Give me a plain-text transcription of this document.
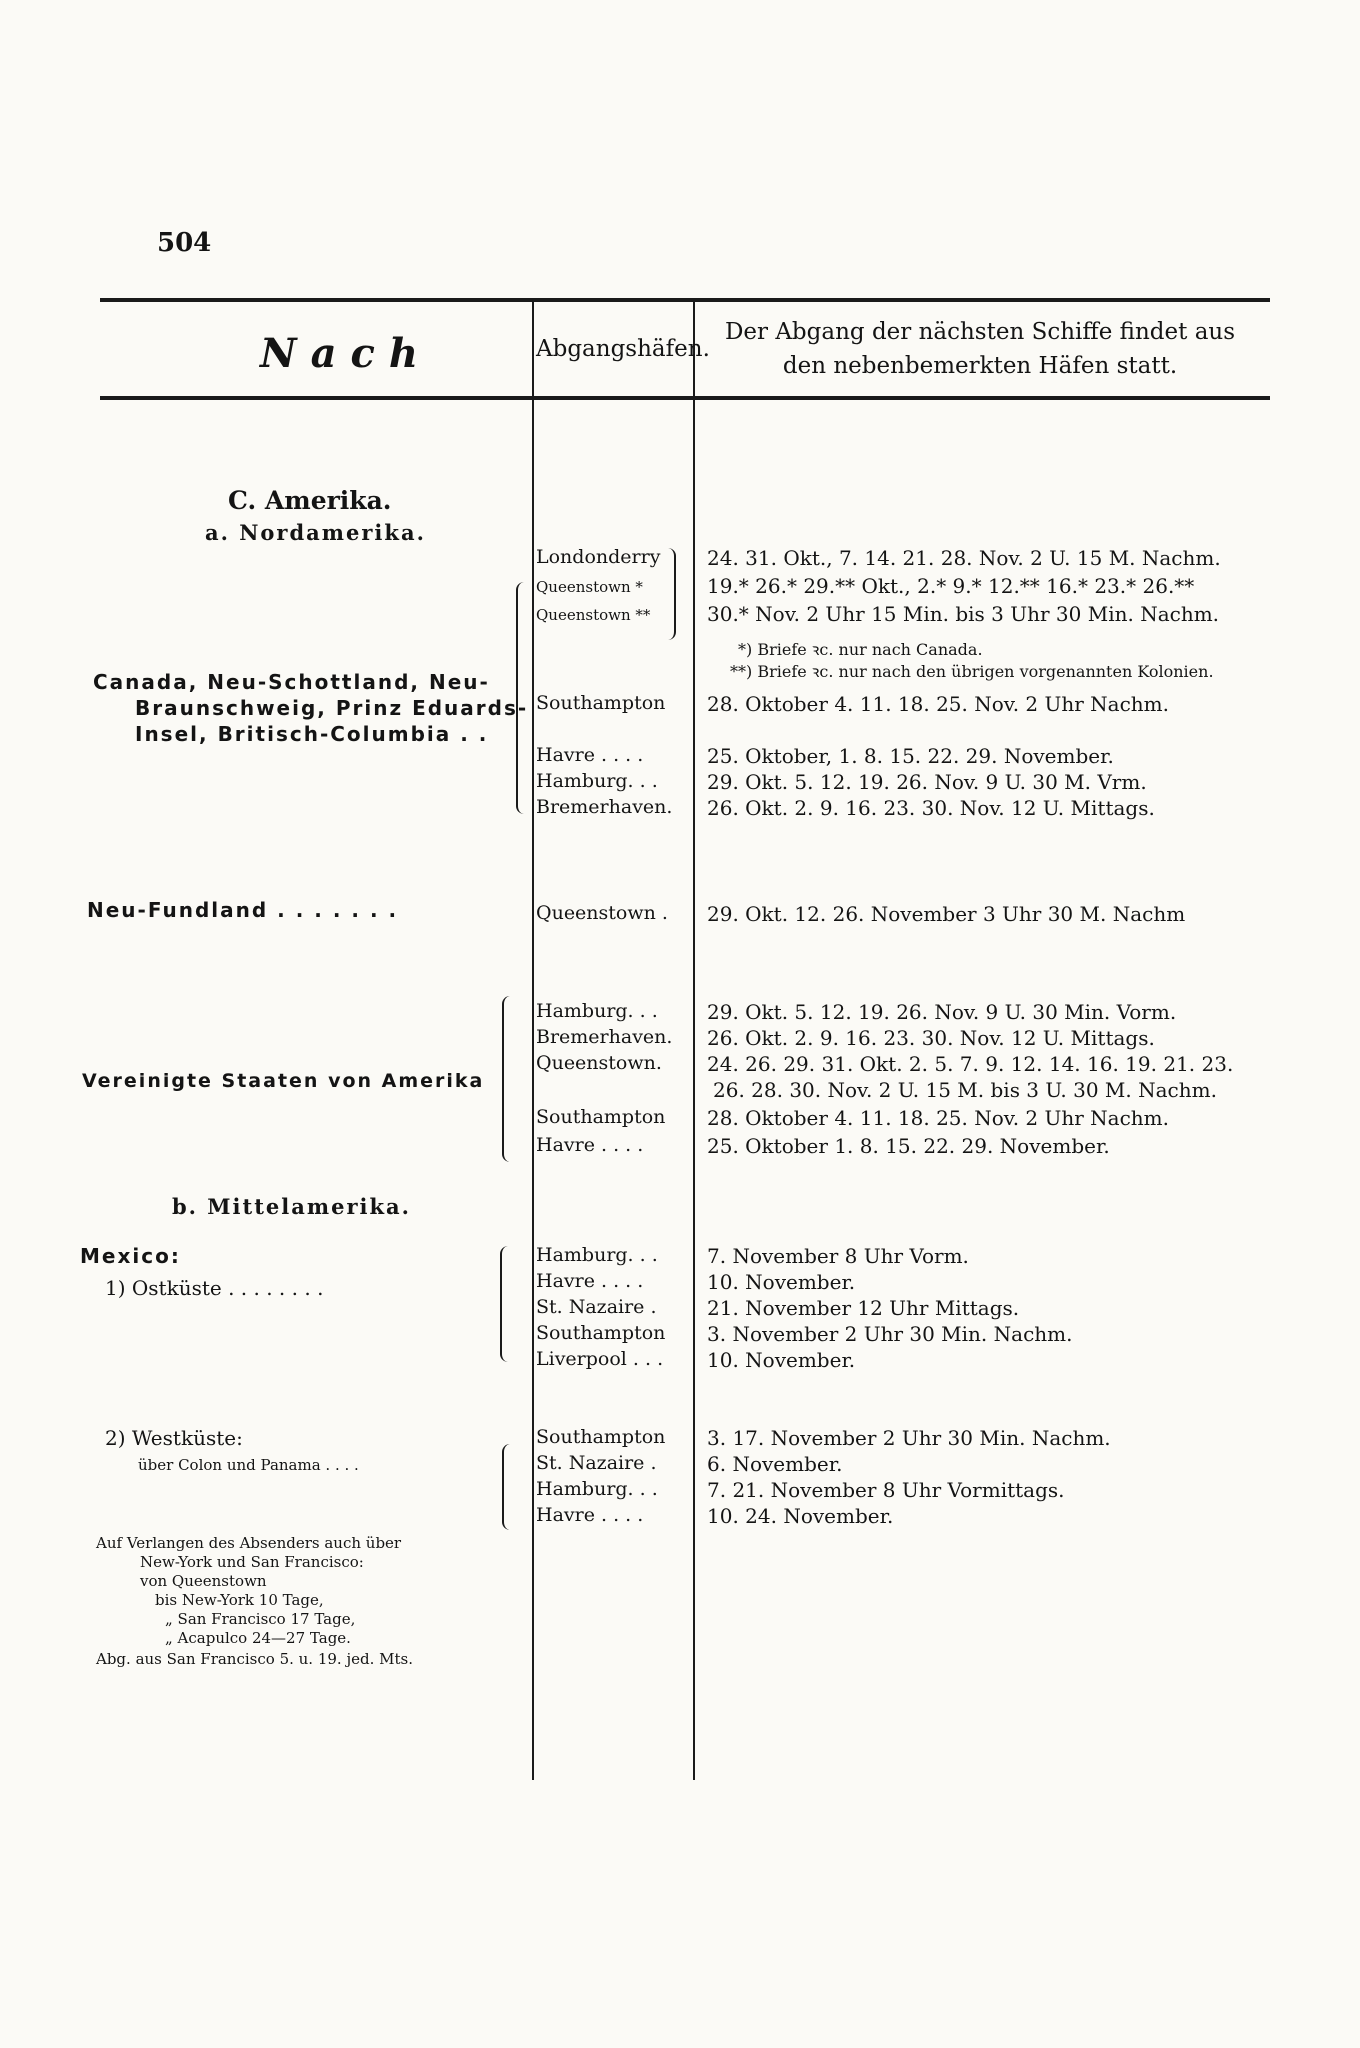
504
Nach	Abgangshäfen.
Der Abgang der nächsten Schiffe findet aus den nebenbemerkten Häfen statt.
C. Amerika.
a. Nordamerika.
Canada, Neu-Schottland, Neu-
Braunschweig, Prinz Eduards-
Insel, Britisch-Columbia . .
Londonderry 24. 31. Okt., 7. 14. 21. 28. Nov. 2 U. 15 M. Nachm.
Queenstown *	19.* 26.* 29.** Okt., 2.* 9.* 12.** 16.* 23.* 26.**
Queenstown **	30.* Nov. 2 Uhr 15 Min. bis 3 Uhr 30 Min. Nachm.
*) Briefe ꝛc. nur nach Canada.
**) Briefe ꝛc. nur nach den übrigen vorgenannten Kolonien.
Southampton 28. Oktober 4. 11. 18. 25. Nov. 2 Uhr Nachm.
Havre . . . .	25. Oktober, 1. 8. 15. 22. 29. November.
Hamburg. . . 29. Okt. 5. 12. 19. 26. Nov. 9 U. 30 M. Vrm.
Bremerhaven. 26. Okt. 2. 9. 16. 23. 30. Nov. 12 U. Mittags.
Neu-Fundland . . . . . . .	Queenstown . 29. Okt. 12. 26. November 3 Uhr 30 M. Nachm
Vereinigte Staaten von Amerika
Hamburg. . . 29. Okt. 5. 12. 19. 26. Nov. 9 U. 30 Min. Vorm.
Bremerhaven. 26. Okt. 2. 9. 16. 23. 30. Nov. 12 U. Mittags.
Queenstown. 24. 26. 29. 31. Okt. 2. 5. 7. 9. 12. 14. 16. 19. 21. 23.
26. 28. 30. Nov. 2 U. 15 M. bis 3 U. 30 M. Nachm.
Southampton 28. Oktober 4. 11. 18. 25. Nov. 2 Uhr Nachm.
Havre . . . .	25. Oktober 1. 8. 15. 22. 29. November.
b. Mittelamerika.
Mexico:
1) Ostküste . . . . . . . .
Hamburg. . . 7. November 8 Uhr Vorm.
Havre . . . .	10. November.
St. Nazaire .	21. November 12 Uhr Mittags.
Southampton 3. November 2 Uhr 30 Min. Nachm.
Liverpool . . . 10. November.
2) Westküste:
über Colon und Panama . . . .
Southampton 3. 17. November 2 Uhr 30 Min. Nachm.
St. Nazaire .	6. November.
Hamburg. . . 7. 21. November 8 Uhr Vormittags.
Havre . . . .	10. 24. November.
Auf Verlangen des Absenders auch über
New-York und San Francisco:
von Queenstown
bis New-York 10 Tage,
„ San Francisco 17 Tage,
„ Acapulco 24—27 Tage.
Abg. aus San Francisco 5. u. 19. jed. Mts.
